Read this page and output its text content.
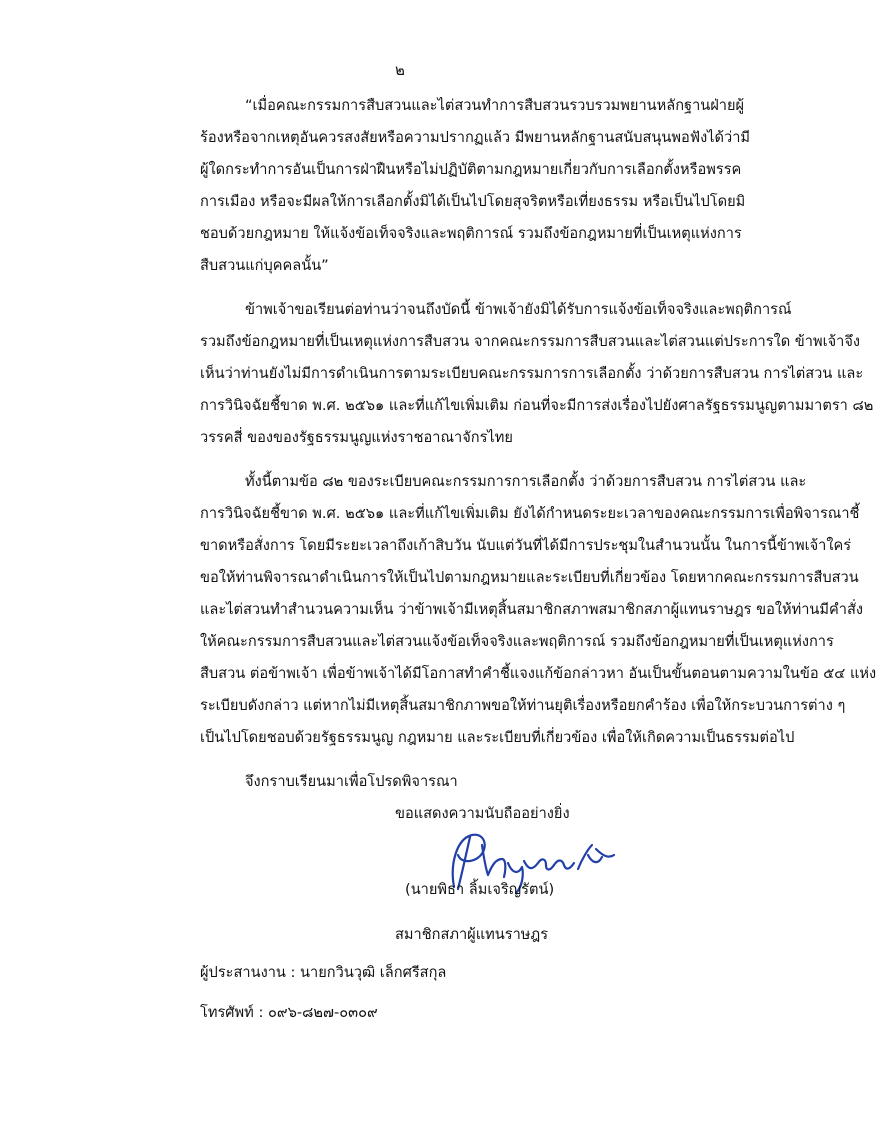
๒
“เมื่อคณะกรรมการสืบสวนและไต่สวนทำการสืบสวนรวบรวมพยานหลักฐานฝ่ายผู้
ร้องหรือจากเหตุอันควรสงสัยหรือความปรากฏแล้ว มีพยานหลักฐานสนับสนุนพอฟังได้ว่ามี
ผู้ใดกระทำการอันเป็นการฝ่าฝืนหรือไม่ปฏิบัติตามกฎหมายเกี่ยวกับการเลือกตั้งหรือพรรค
การเมือง หรือจะมีผลให้การเลือกตั้งมิได้เป็นไปโดยสุจริตหรือเที่ยงธรรม หรือเป็นไปโดยมิ
ชอบด้วยกฎหมาย ให้แจ้งข้อเท็จจริงและพฤติการณ์ รวมถึงข้อกฎหมายที่เป็นเหตุแห่งการ
สืบสวนแก่บุคคลนั้น”
ข้าพเจ้าขอเรียนต่อท่านว่าจนถึงบัดนี้ ข้าพเจ้ายังมิได้รับการแจ้งข้อเท็จจริงและพฤติการณ์
รวมถึงข้อกฎหมายที่เป็นเหตุแห่งการสืบสวน จากคณะกรรมการสืบสวนและไต่สวนแต่ประการใด ข้าพเจ้าจึง
เห็นว่าท่านยังไม่มีการดำเนินการตามระเบียบคณะกรรมการการเลือกตั้ง ว่าด้วยการสืบสวน การไต่สวน และ
การวินิจฉัยชี้ขาด พ.ศ. ๒๕๖๑ และที่แก้ไขเพิ่มเติม ก่อนที่จะมีการส่งเรื่องไปยังศาลรัฐธรรมนูญตามมาตรา ๘๒
วรรคสี่ ของของรัฐธรรมนูญแห่งราชอาณาจักรไทย
ทั้งนี้ตามข้อ ๘๒ ของระเบียบคณะกรรมการการเลือกตั้ง ว่าด้วยการสืบสวน การไต่สวน และ
การวินิจฉัยชี้ขาด พ.ศ. ๒๕๖๑ และที่แก้ไขเพิ่มเติม ยังได้กำหนดระยะเวลาของคณะกรรมการเพื่อพิจารณาชี้
ขาดหรือสั่งการ โดยมีระยะเวลาถึงเก้าสิบวัน นับแต่วันที่ได้มีการประชุมในสำนวนนั้น ในการนี้ข้าพเจ้าใคร่
ขอให้ท่านพิจารณาดำเนินการให้เป็นไปตามกฎหมายและระเบียบที่เกี่ยวข้อง โดยหากคณะกรรมการสืบสวน
และไต่สวนทำสำนวนความเห็น ว่าข้าพเจ้ามีเหตุสิ้นสมาชิกสภาพสมาชิกสภาผู้แทนราษฎร ขอให้ท่านมีคำสั่ง
ให้คณะกรรมการสืบสวนและไต่สวนแจ้งข้อเท็จจริงและพฤติการณ์ รวมถึงข้อกฎหมายที่เป็นเหตุแห่งการ
สืบสวน ต่อข้าพเจ้า เพื่อข้าพเจ้าได้มีโอกาสทำคำชี้แจงแก้ข้อกล่าวหา อันเป็นขั้นตอนตามความในข้อ ๕๔ แห่ง
ระเบียบดังกล่าว แต่หากไม่มีเหตุสิ้นสมาชิกภาพขอให้ท่านยุติเรื่องหรือยกคำร้อง เพื่อให้กระบวนการต่าง ๆ
เป็นไปโดยชอบด้วยรัฐธรรมนูญ กฎหมาย และระเบียบที่เกี่ยวข้อง เพื่อให้เกิดความเป็นธรรมต่อไป
จึงกราบเรียนมาเพื่อโปรดพิจารณา
ขอแสดงความนับถืออย่างยิ่ง
(นายพิธา ลิ้มเจริญรัตน์)
สมาชิกสภาผู้แทนราษฎร
ผู้ประสานงาน : นายกวินวุฒิ เล็กศรีสกุล
โทรศัพท์ : ๐๙๖-๘๒๗-๐๓๐๙
